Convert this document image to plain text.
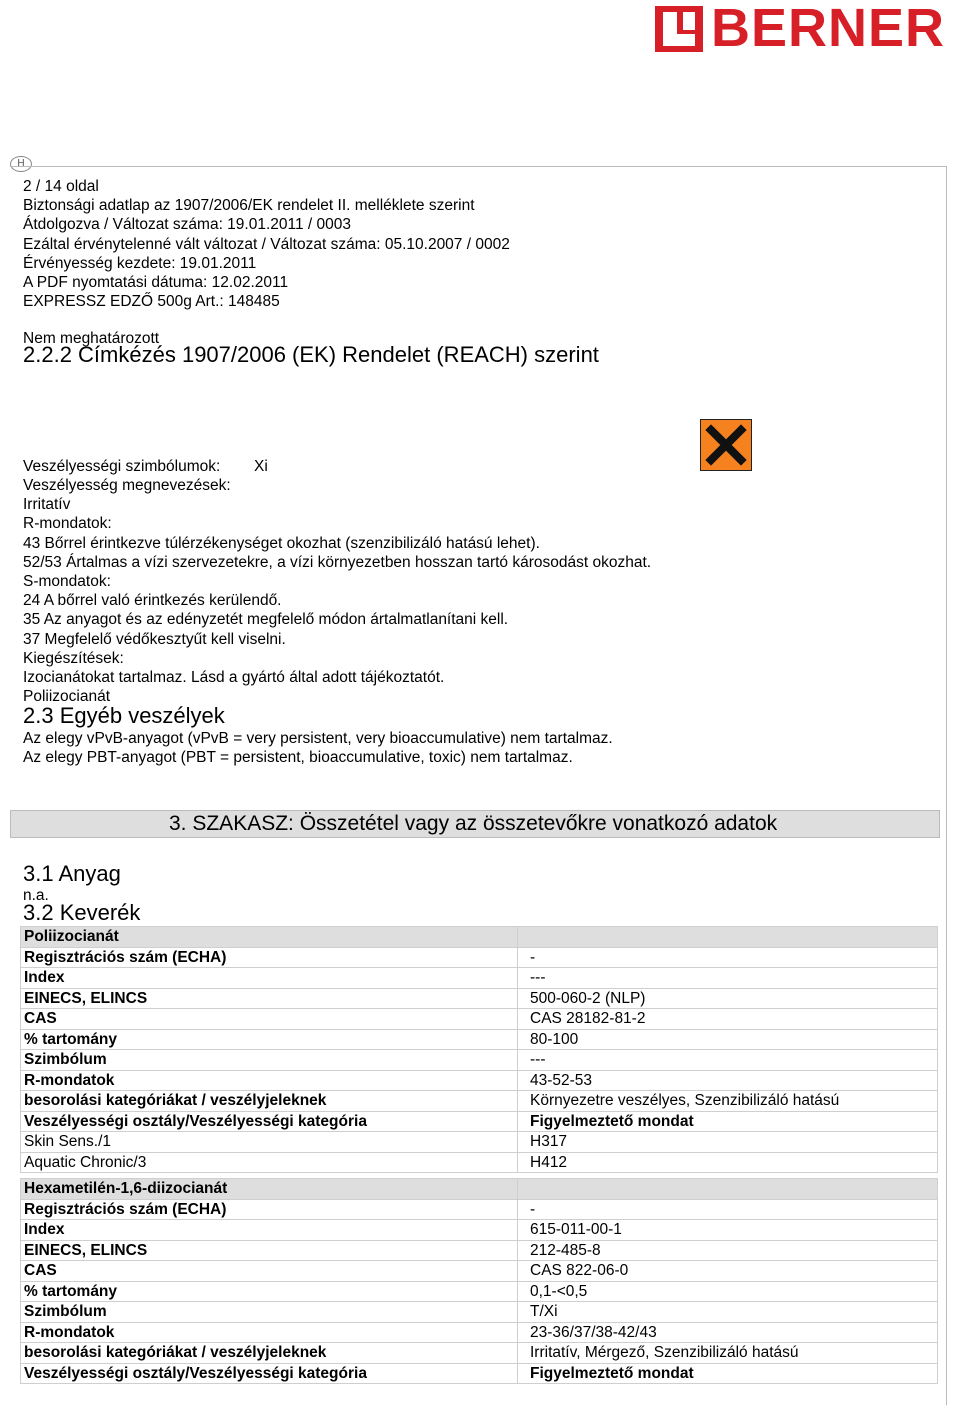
BERNER
H
2 / 14 oldal
Biztonsági adatlap az 1907/2006/EK rendelet II. melléklete szerint
Átdolgozva / Változat száma: 19.01.2011 / 0003
Ezáltal érvénytelenné vált változat / Változat száma: 05.10.2007 / 0002
Érvényesség kezdete: 19.01.2011
A PDF nyomtatási dátuma: 12.02.2011
EXPRESSZ EDZŐ 500g Art.: 148485
Nem meghatározott
2.2.2 Címkézés 1907/2006 (EK) Rendelet (REACH) szerint
Veszélyességi szimbólumok: Xi
Veszélyesség megnevezések:
Irritatív
R-mondatok:
43 Bőrrel érintkezve túlérzékenységet okozhat (szenzibilizáló hatású lehet).
52/53 Ártalmas a vízi szervezetekre, a vízi környezetben hosszan tartó károsodást okozhat.
S-mondatok:
24 A bőrrel való érintkezés kerülendő.
35 Az anyagot és az edényzetét megfelelő módon ártalmatlanítani kell.
37 Megfelelő védőkesztyűt kell viselni.
Kiegészítések:
Izocianátokat tartalmaz. Lásd a gyártó által adott tájékoztatót.
Poliizocianát
2.3 Egyéb veszélyek
Az elegy vPvB-anyagot (vPvB = very persistent, very bioaccumulative) nem tartalmaz.
Az elegy PBT-anyagot (PBT = persistent, bioaccumulative, toxic) nem tartalmaz.
3. SZAKASZ: Összetétel vagy az összetevőkre vonatkozó adatok
3.1 Anyag
n.a.
3.2 Keverék
Poliizocianát	
Regisztrációs szám (ECHA)	-
Index	---
EINECS, ELINCS	500-060-2 (NLP)
CAS	CAS 28182-81-2
% tartomány	80-100
Szimbólum	---
R-mondatok	43-52-53
besorolási kategóriákat / veszélyjeleknek	Környezetre veszélyes, Szenzibilizáló hatású
Veszélyességi osztály/Veszélyességi kategória	Figyelmeztető mondat
Skin Sens./1	H317
Aquatic Chronic/3	H412
Hexametilén-1,6-diizocianát	
Regisztrációs szám (ECHA)	-
Index	615-011-00-1
EINECS, ELINCS	212-485-8
CAS	CAS 822-06-0
% tartomány	0,1-<0,5
Szimbólum	T/Xi
R-mondatok	23-36/37/38-42/43
besorolási kategóriákat / veszélyjeleknek	Irritatív, Mérgező, Szenzibilizáló hatású
Veszélyességi osztály/Veszélyességi kategória	Figyelmeztető mondat
